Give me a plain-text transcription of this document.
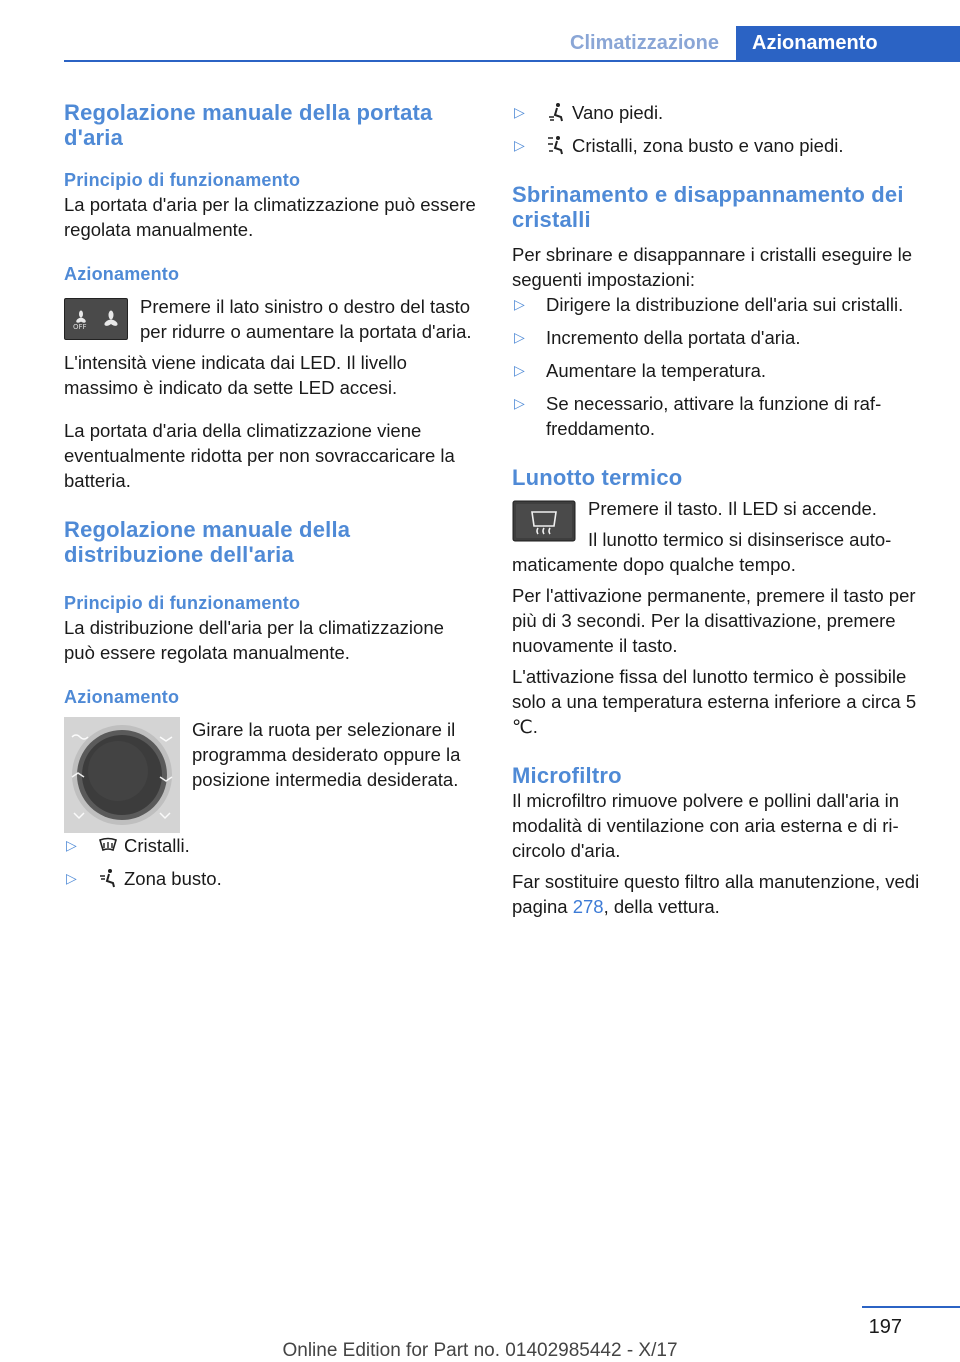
Climatizzazione	Azionamento
Regolazione manuale della portata d'aria
Principio di funzionamento

La portata d'aria per la climatizzazione può essere regolata manualmente.

Azionamento
OFF

Premere il lato sinistro o destro del tasto per ridurre o aumentare la portata d'aria.

L'intensità viene indicata dai LED. Il livello massimo è indicato da sette LED accesi.

La portata d'aria della climatizzazione viene eventualmente ridotta per non sovraccaricare la batteria.

Regolazione manuale della distribuzione dell'aria
Principio di funzionamento

La distribuzione dell'aria per la climatizzazione può essere regolata manualmente.

Azionamento

Girare la ruota per selezionare il programma desiderato oppure la posizione intermedia desiderata.

▷	Cristalli.
▷	Zona busto.
▷	Vano piedi.
▷	Cristalli, zona busto e vano piedi.
Sbrinamento e disappannamento dei cristalli

Per sbrinare e disappannare i cristalli eseguire le seguenti impostazioni:

▷ Dirigere la distribuzione dell'aria sui cristalli.
▷ Incremento della portata d'aria.
▷ Aumentare la temperatura.
▷ Se necessario, attivare la funzione di raffreddamento.
Lunotto termico

Premere il tasto. Il LED si accende.

Il lunotto termico si disinserisce automaticamente dopo qualche tempo.

Per l'attivazione permanente, premere il tasto per più di 3 secondi. Per la disattivazione, premere nuovamente il tasto.

L'attivazione fissa del lunotto termico è possibile solo a una temperatura esterna inferiore a circa 5 ℃.

Microfiltro

Il microfiltro rimuove polvere e pollini dall'aria in modalità di ventilazione con aria esterna e di ricircolo d'aria.

Far sostituire questo filtro alla manutenzione, vedi pagina 278, della vettura.

197
Online Edition for Part no. 01402985442 - X/17
